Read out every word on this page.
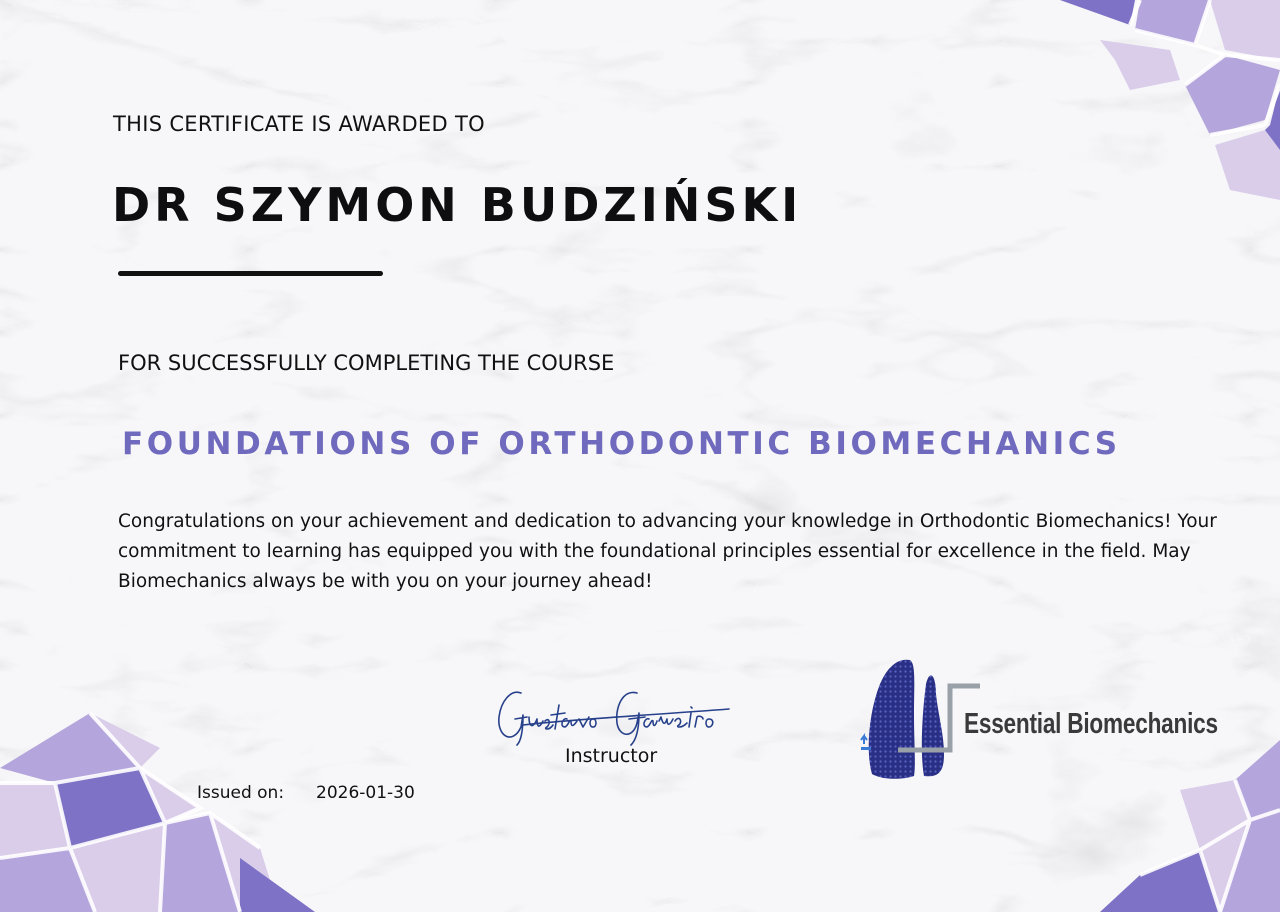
THIS CERTIFICATE IS AWARDED TO
DR SZYMON BUDZIŃSKI
FOR SUCCESSFULLY COMPLETING THE COURSE
FOUNDATIONS OF ORTHODONTIC BIOMECHANICS
Congratulations on your achievement and dedication to advancing your knowledge in Orthodontic Biomechanics! Your commitment to learning has equipped you with the foundational principles essential for excellence in the field. May Biomechanics always be with you on your journey ahead!
Instructor
Issued on: 2026-01-30
Essential Biomechanics
